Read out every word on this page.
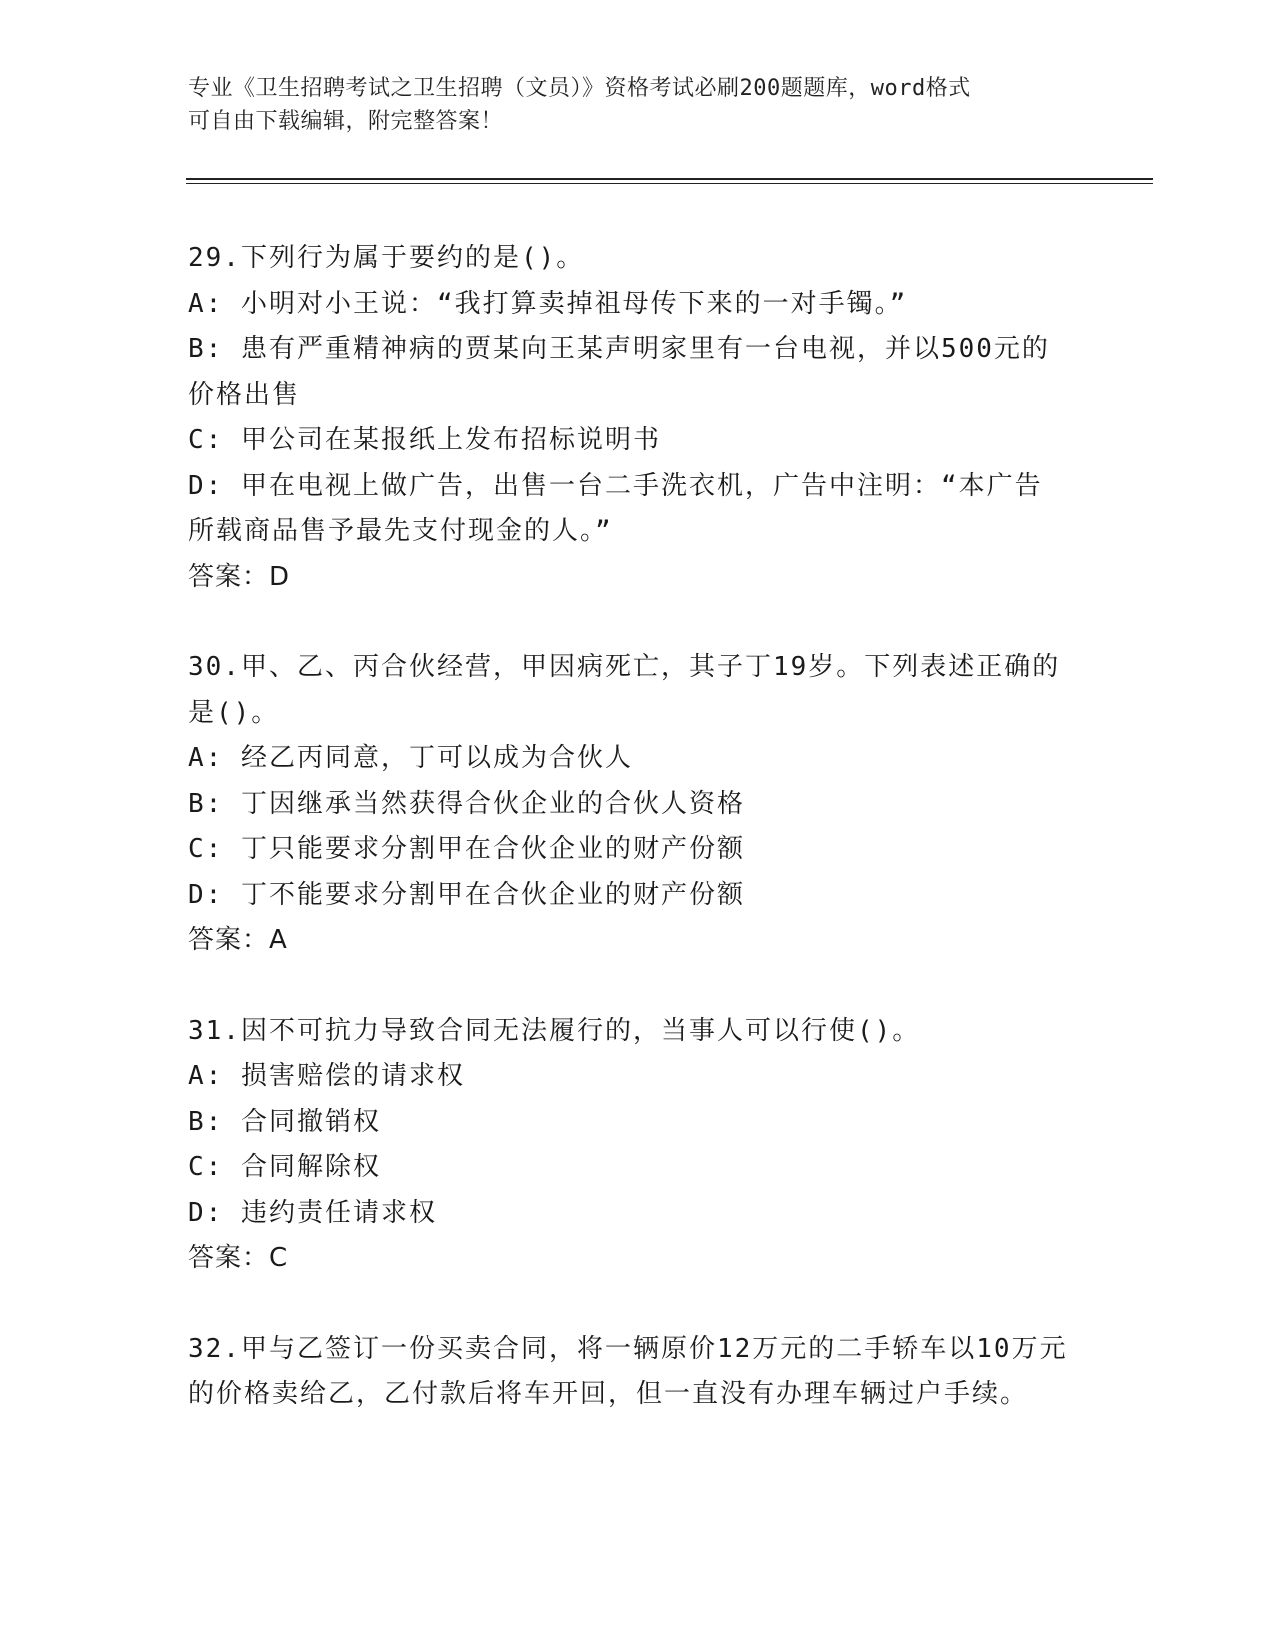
专业《卫生招聘考试之卫生招聘（文员）》资格考试必刷200题题库，word格式
可自由下载编辑，附完整答案！
29.下列行为属于要约的是()。
A: 小明对小王说：“我打算卖掉祖母传下来的一对手镯。”
B: 患有严重精神病的贾某向王某声明家里有一台电视，并以500元的价格出售
C: 甲公司在某报纸上发布招标说明书
D: 甲在电视上做广告，出售一台二手洗衣机，广告中注明：“本广告所载商品售予最先支付现金的人。”
答案：D
30.甲、乙、丙合伙经营，甲因病死亡，其子丁19岁。下列表述正确的是()。
A: 经乙丙同意，丁可以成为合伙人
B: 丁因继承当然获得合伙企业的合伙人资格
C: 丁只能要求分割甲在合伙企业的财产份额
D: 丁不能要求分割甲在合伙企业的财产份额
答案：A
31.因不可抗力导致合同无法履行的，当事人可以行使()。
A: 损害赔偿的请求权
B: 合同撤销权
C: 合同解除权
D: 违约责任请求权
答案：C
32.甲与乙签订一份买卖合同，将一辆原价12万元的二手轿车以10万元的价格卖给乙，乙付款后将车开回，但一直没有办理车辆过户手续。
